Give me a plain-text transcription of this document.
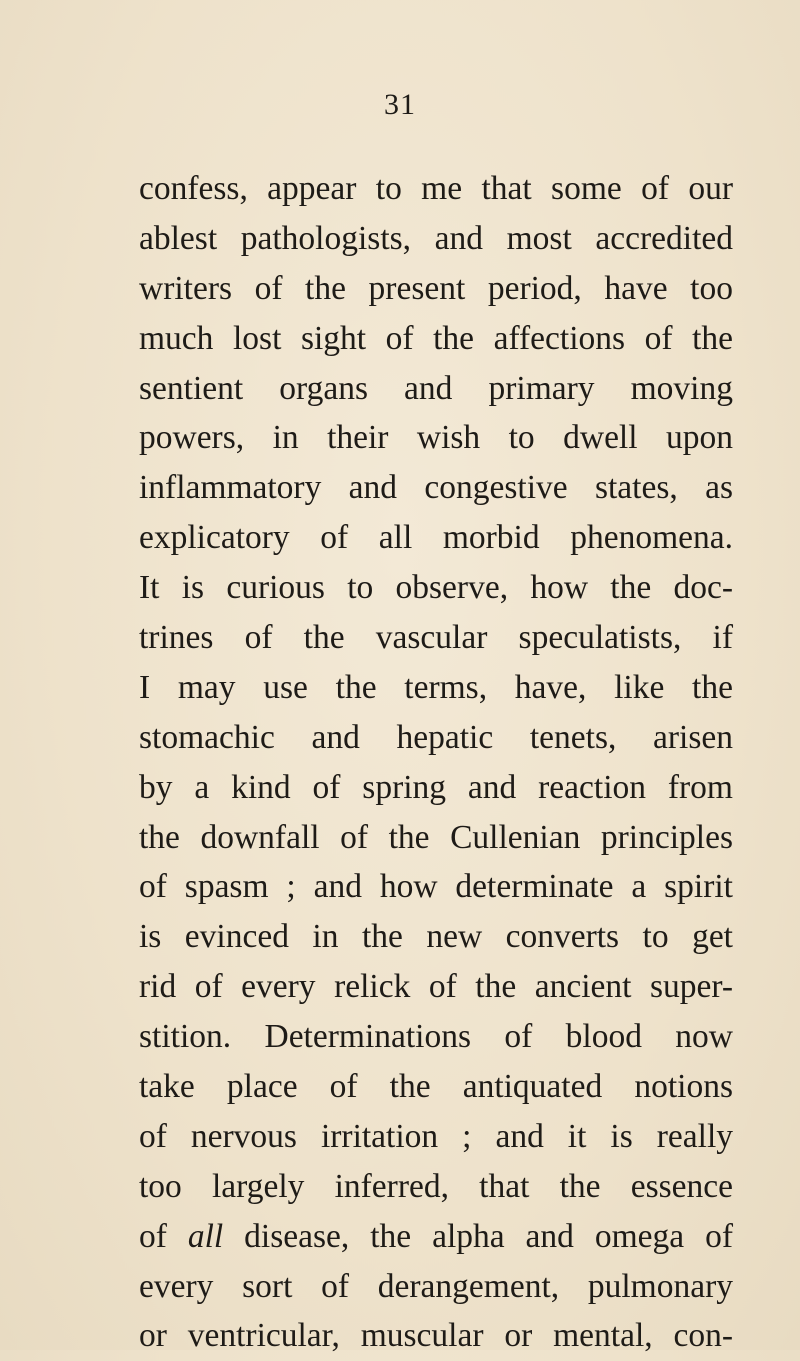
31
confess, appear to me that some of our
ablest pathologists, and most accredited
writers of the present period, have too
much lost sight of the affections of the
sentient organs and primary moving
powers, in their wish to dwell upon
inflammatory and congestive states, as
explicatory of all morbid phenomena.
It is curious to observe, how the doc-
trines of the vascular speculatists, if
I may use the terms, have, like the
stomachic and hepatic tenets, arisen
by a kind of spring and reaction from
the downfall of the Cullenian principles
of spasm ; and how determinate a spirit
is evinced in the new converts to get
rid of every relick of the ancient super-
stition. Determinations of blood now
take place of the antiquated notions
of nervous irritation ; and it is really
too largely inferred, that the essence
of all disease, the alpha and omega of
every sort of derangement, pulmonary
or ventricular, muscular or mental, con-
